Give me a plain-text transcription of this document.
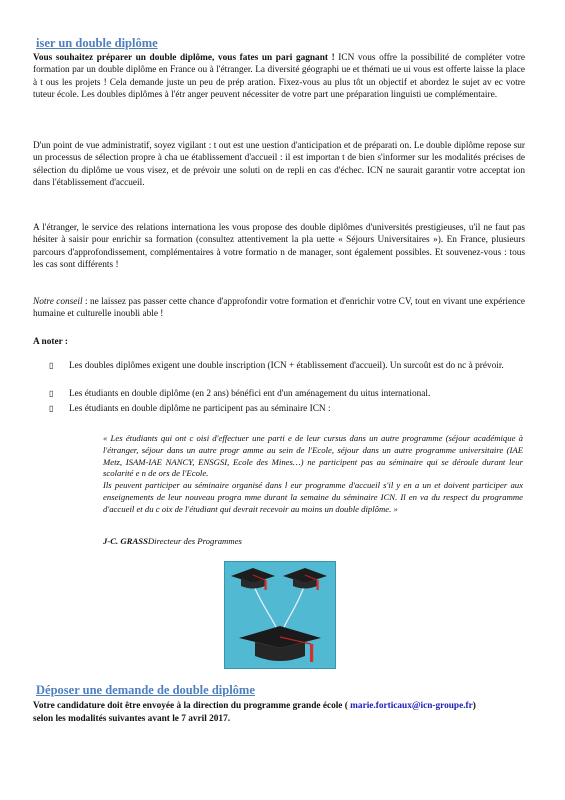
iser un double diplôme
Vous souhaitez préparer un double diplôme, vous fates un pari gagnant ! ICN vous offre la possibilité de compléter votre formation par un double diplôme en France ou à l'étranger. La diversité géographi ue et thémati ue ui vous est offerte laisse la place à t ous les projets ! Cela demande juste un peu de prép aration. Fixez-vous au plus tôt un objectif et abordez le sujet av ec votre tuteur école. Les doubles diplômes à l'étr anger peuvent nécessiter de votre part une préparation linguisti ue complémentaire.
D'un point de vue administratif, soyez vigilant : t out est une uestion d'anticipation et de préparati on. Le double diplôme repose sur un processus de sélection propre à cha ue établissement d'accueil : il est importan t de bien s'informer sur les modalités précises de sélection du diplôme ue vous visez, et de prévoir une soluti on de repli en cas d'échec. ICN ne saurait garantir votre acceptat ion dans l'établissement d'accueil.
A l'étranger, le service des relations internationa les vous propose des double diplômes d'universités prestigieuses, u'il ne faut pas hésiter à saisir pour enrichir sa formation (consultez attentivement la pla uette « Séjours Universitaires »). En France, plusieurs parcours d'approfondissement, complémentaires à votre formatio n de manager, sont également possibles. Et souvenez-vous : tous les cas sont différents !
Notre conseil : ne laissez pas passer cette chance d'approfondir votre formation et d'enrichir votre CV, tout en vivant une expérience humaine et culturelle inoubli able !
A noter :
▯ Les doubles diplômes exigent une double inscription (ICN + établissement d'accueil). Un surcoût est do nc à prévoir.
▯ Les étudiants en double diplôme (en 2 ans) bénéfici ent d'un aménagement du uitus international.
▯ Les étudiants en double diplôme ne participent pas au séminaire ICN :
« Les étudiants qui ont c oisi d'effectuer une parti e de leur cursus dans un autre programme (séjour académique à l'étranger, séjour dans un autre progr amme au sein de l'Ecole, séjour dans un autre programme universitaire (IAE Metz, ISAM-IAE NANCY, ENSGSI, Ecole des Mines…) ne participent pas au séminaire qui se déroule durant leur scolarité e n de ors de l'Ecole.
Ils peuvent participer au séminaire organisé dans l eur programme d'accueil s'il y en a un et doivent participer aux enseignements de leur nouveau progra mme durant la semaine du séminaire ICN. Il en va du respect du programme d'accueil et du c oix de l'étudiant qui devrait recevoir au moins un double diplôme. »
J-C. GRASSDirecteur des Programmes
Déposer une demande de double diplôme
Votre candidature doit être envoyée à la direction du programme grande école ( marie.forticaux@icn-groupe.fr)
selon les modalités suivantes avant le 7 avril 2017.
